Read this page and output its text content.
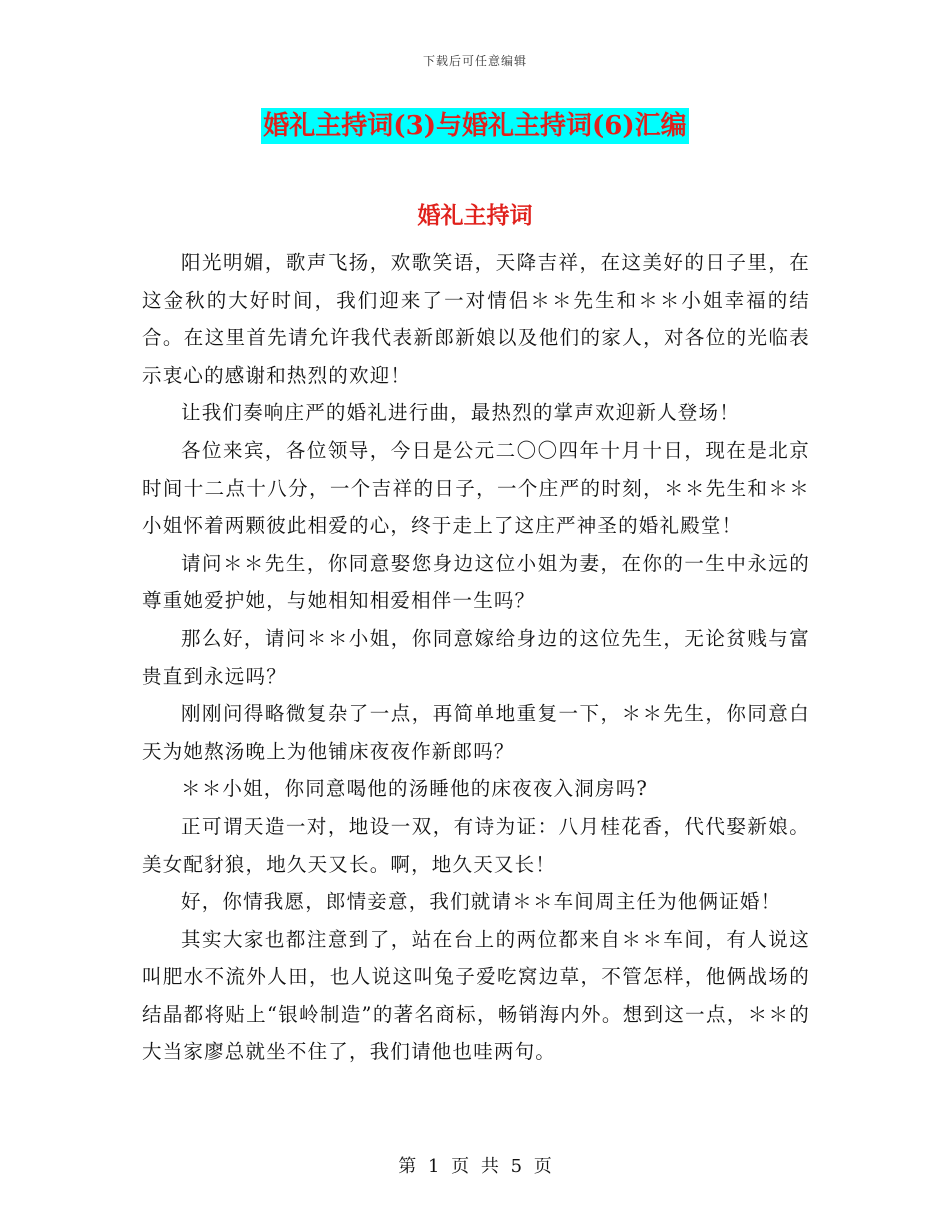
下载后可任意编辑
婚礼主持词(3)与婚礼主持词(6)汇编
婚礼主持词

阳光明媚，歌声飞扬，欢歌笑语，天降吉祥，在这美好的日子里，在这金秋的大好时间，我们迎来了一对情侣＊＊先生和＊＊小姐幸福的结合。在这里首先请允许我代表新郎新娘以及他们的家人，对各位的光临表示衷心的感谢和热烈的欢迎！

让我们奏响庄严的婚礼进行曲，最热烈的掌声欢迎新人登场！

各位来宾，各位领导，今日是公元二〇〇四年十月十日，现在是北京时间十二点十八分，一个吉祥的日子，一个庄严的时刻，＊＊先生和＊＊小姐怀着两颗彼此相爱的心，终于走上了这庄严神圣的婚礼殿堂！

请问＊＊先生，你同意娶您身边这位小姐为妻，在你的一生中永远的尊重她爱护她，与她相知相爱相伴一生吗？

那么好，请问＊＊小姐，你同意嫁给身边的这位先生，无论贫贱与富贵直到永远吗？

刚刚问得略微复杂了一点，再简单地重复一下，＊＊先生，你同意白天为她熬汤晚上为他铺床夜夜作新郎吗？

＊＊小姐，你同意喝他的汤睡他的床夜夜入洞房吗?

正可谓天造一对，地设一双，有诗为证：八月桂花香，代代娶新娘。美女配豺狼，地久天又长。啊，地久天又长！

好，你情我愿，郎情妾意，我们就请＊＊车间周主任为他俩证婚！

其实大家也都注意到了，站在台上的两位都来自＊＊车间，有人说这叫肥水不流外人田，也人说这叫兔子爱吃窝边草，不管怎样，他俩战场的结晶都将贴上“银岭制造”的著名商标，畅销海内外。想到这一点，＊＊的大当家廖总就坐不住了，我们请他也哇两句。

第 1 页 共 5 页
